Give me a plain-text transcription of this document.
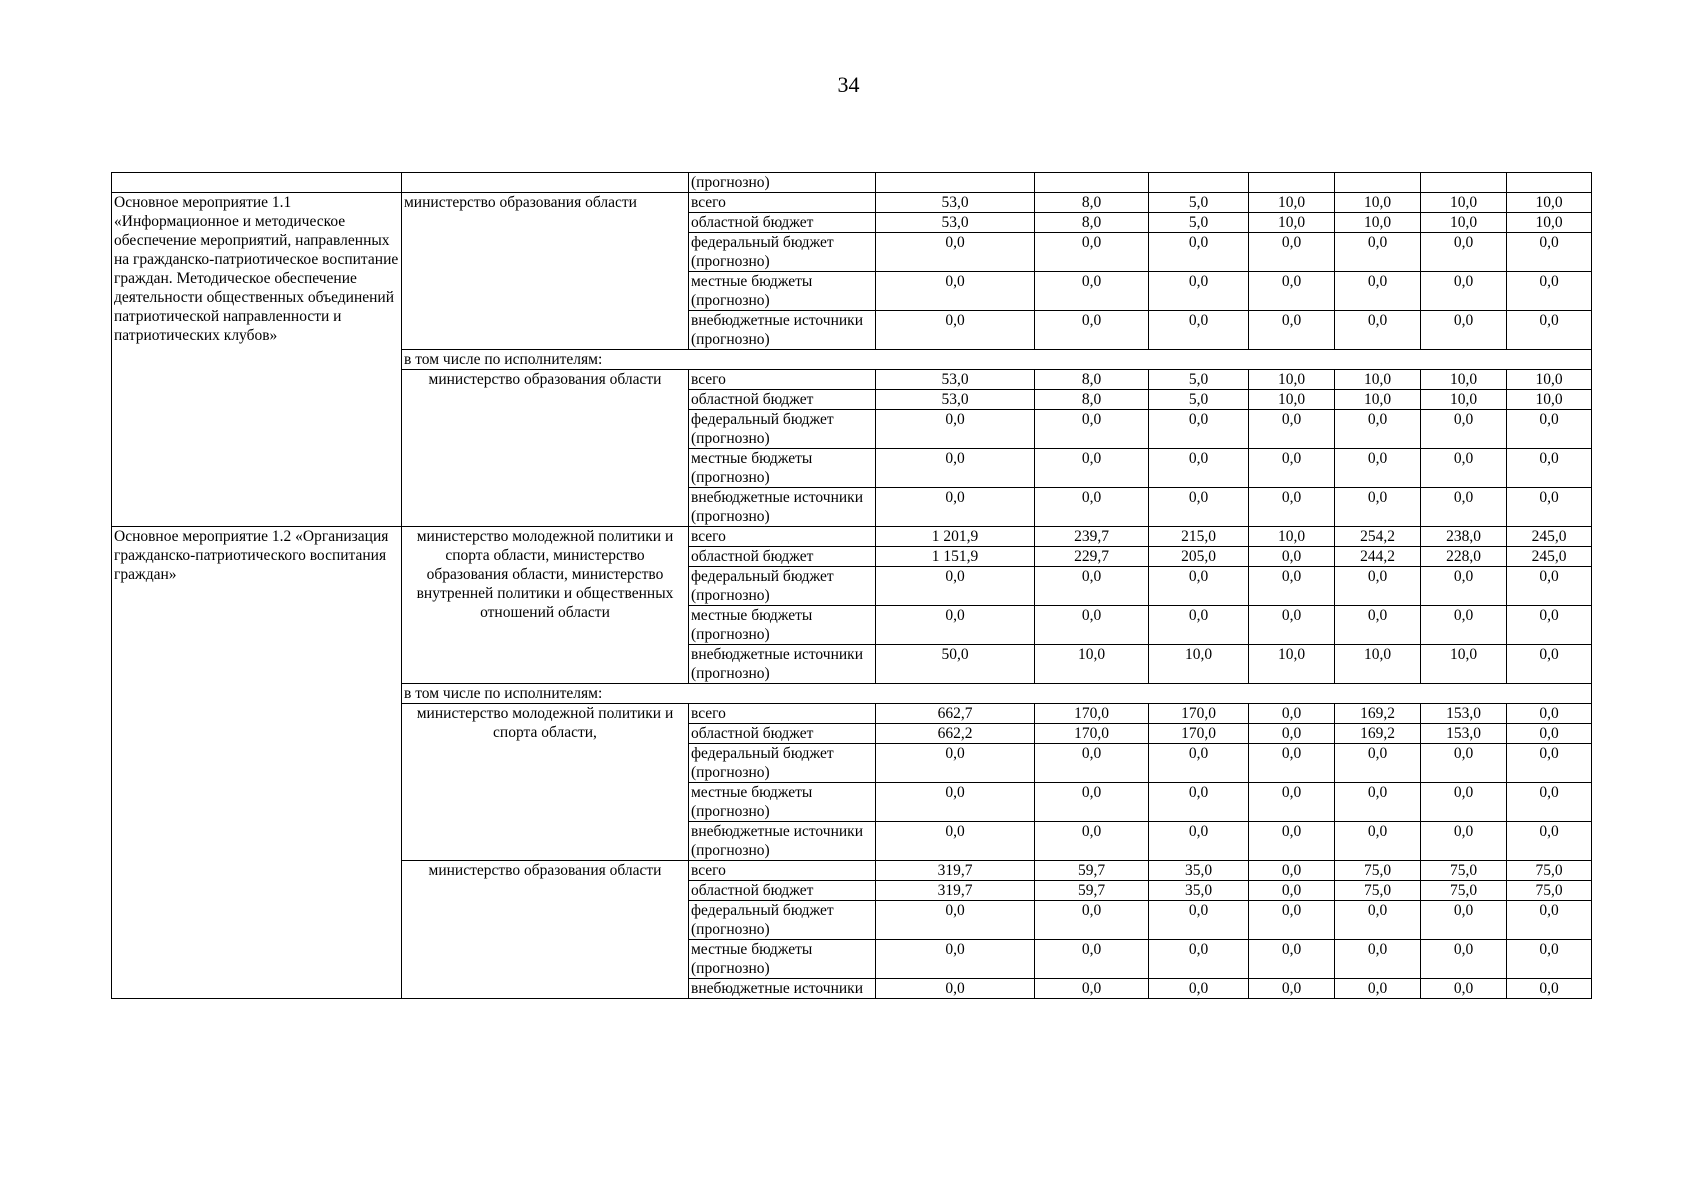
34
		(прогнозно)							
Основное мероприятие 1.1 «Информационное и методическое обеспечение мероприятий, направленных на гражданско-патриотическое воспитание граждан. Методическое обеспечение деятельности общественных объединений патриотической направленности и патриотических клубов»	министерство образования области	всего	53,0	8,0	5,0	10,0	10,0	10,0	10,0
		областной бюджет	53,0	8,0	5,0	10,0	10,0	10,0	10,0
		федеральный бюджет (прогнозно)	0,0	0,0	0,0	0,0	0,0	0,0	0,0
		местные бюджеты (прогнозно)	0,0	0,0	0,0	0,0	0,0	0,0	0,0
		внебюджетные источники (прогнозно)	0,0	0,0	0,0	0,0	0,0	0,0	0,0
	в том числе по исполнителям:								
	министерство образования области	всего	53,0	8,0	5,0	10,0	10,0	10,0	10,0
		областной бюджет	53,0	8,0	5,0	10,0	10,0	10,0	10,0
		федеральный бюджет (прогнозно)	0,0	0,0	0,0	0,0	0,0	0,0	0,0
		местные бюджеты (прогнозно)	0,0	0,0	0,0	0,0	0,0	0,0	0,0
		внебюджетные источники (прогнозно)	0,0	0,0	0,0	0,0	0,0	0,0	0,0
Основное мероприятие 1.2 «Организация гражданско-патриотического воспитания граждан»	министерство молодежной политики и спорта области, министерство образования области, министерство внутренней политики и общественных отношений области	всего	1 201,9	239,7	215,0	10,0	254,2	238,0	245,0
		областной бюджет	1 151,9	229,7	205,0	0,0	244,2	228,0	245,0
		федеральный бюджет (прогнозно)	0,0	0,0	0,0	0,0	0,0	0,0	0,0
		местные бюджеты (прогнозно)	0,0	0,0	0,0	0,0	0,0	0,0	0,0
		внебюджетные источники (прогнозно)	50,0	10,0	10,0	10,0	10,0	10,0	0,0
	в том числе по исполнителям:								
	министерство молодежной политики и спорта области,	всего	662,7	170,0	170,0	0,0	169,2	153,0	0,0
		областной бюджет	662,2	170,0	170,0	0,0	169,2	153,0	0,0
		федеральный бюджет (прогнозно)	0,0	0,0	0,0	0,0	0,0	0,0	0,0
		местные бюджеты (прогнозно)	0,0	0,0	0,0	0,0	0,0	0,0	0,0
		внебюджетные источники (прогнозно)	0,0	0,0	0,0	0,0	0,0	0,0	0,0
	министерство образования области	всего	319,7	59,7	35,0	0,0	75,0	75,0	75,0
		областной бюджет	319,7	59,7	35,0	0,0	75,0	75,0	75,0
		федеральный бюджет (прогнозно)	0,0	0,0	0,0	0,0	0,0	0,0	0,0
		местные бюджеты (прогнозно)	0,0	0,0	0,0	0,0	0,0	0,0	0,0
		внебюджетные источники	0,0	0,0	0,0	0,0	0,0	0,0	0,0
